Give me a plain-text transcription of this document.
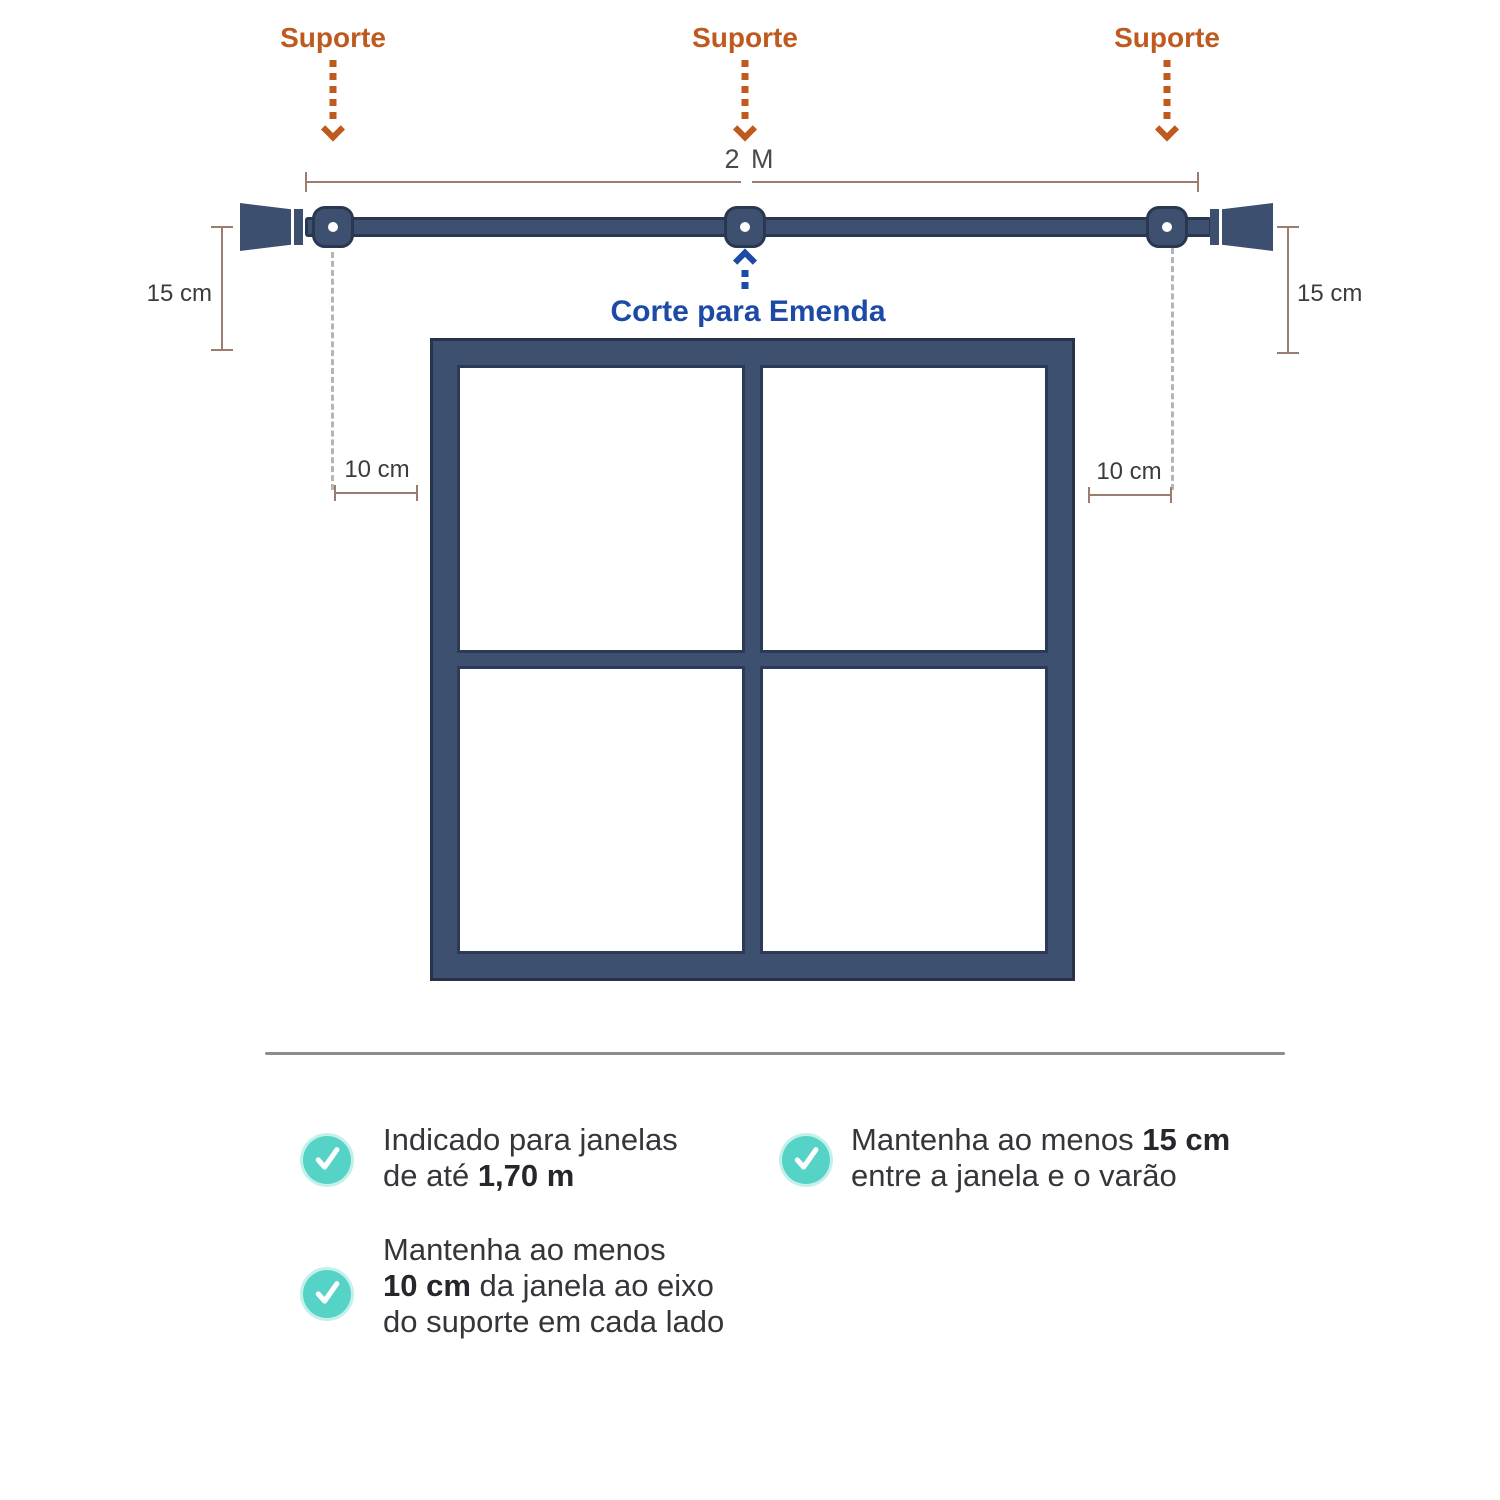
Suporte	Suporte	Suporte
2 M
Corte para Emenda
15 cm	15 cm
10 cm	10 cm
Indicado para janelas
de até 1,70 m
Mantenha ao menos 15 cm
entre a janela e o varão
Mantenha ao menos
10 cm da janela ao eixo
do suporte em cada lado
